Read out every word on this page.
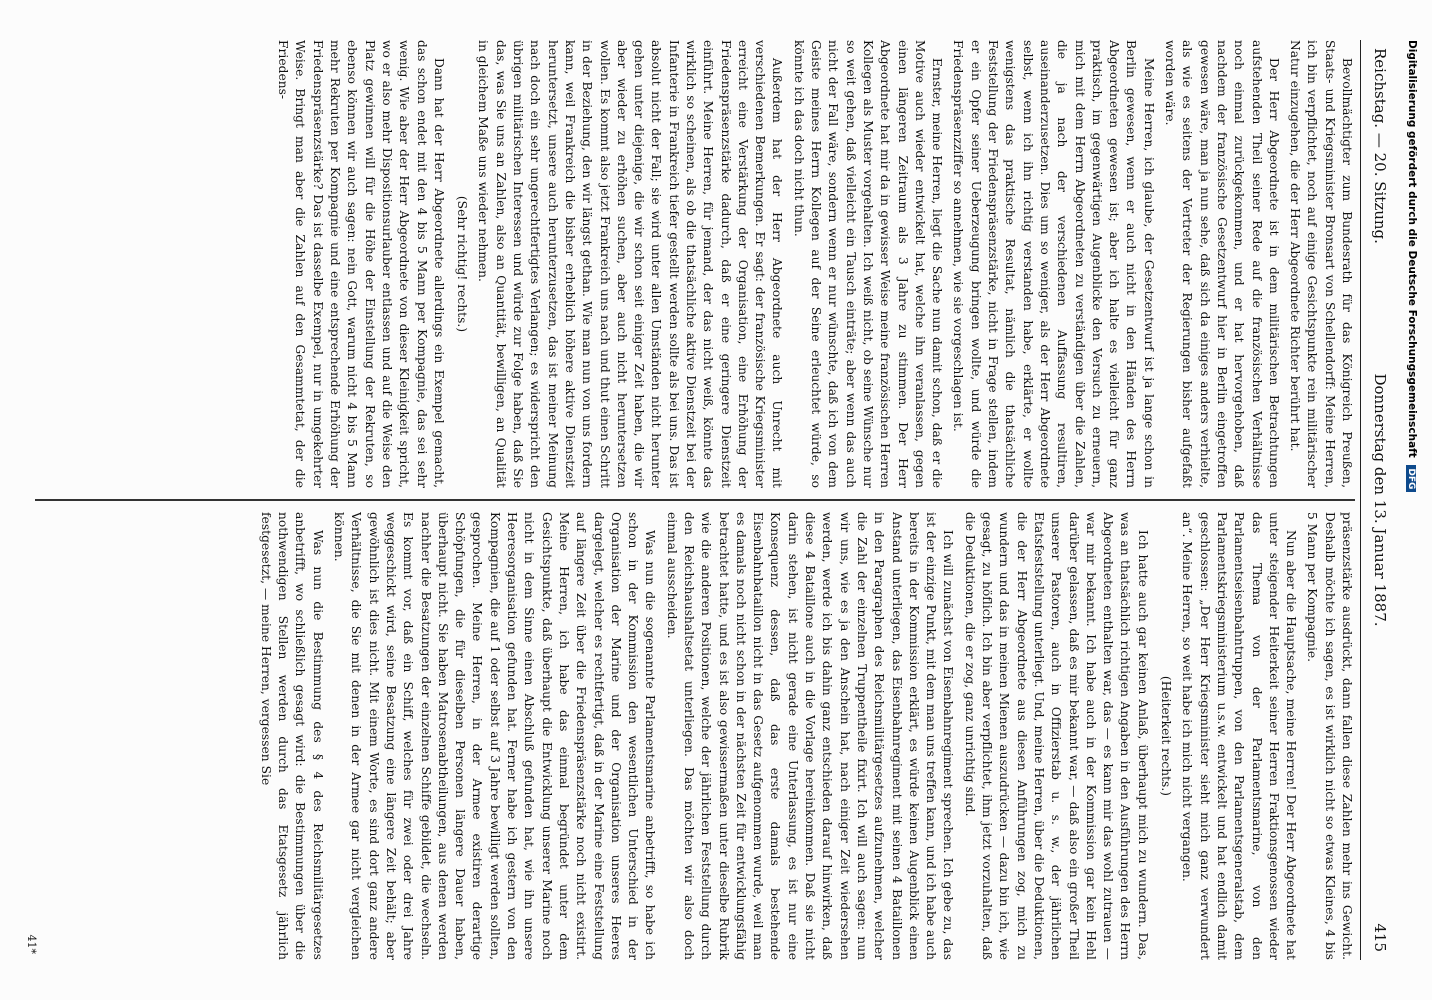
Reichstag. — 20. Sitzung.
Donnerstag den 13. Januar 1887.
415

Bevollmächtigter zum Bundesrath für das Königreich Preußen, Staats- und Kriegsminister Bronsart von Schellendorff: Meine Herren, ich bin verpflichtet, noch auf einige Gesichtspunkte rein militärischer Natur einzugehen, die der Herr Abgeordnete Richter berührt hat.

Der Herr Abgeordnete ist in dem militärischen Betrachtungen aufstehenden Theil seiner Rede auf die französischen Verhältnisse noch einmal zurückgekommen, und er hat hervorgehoben, daß nachdem der französische Gesetzentwurf hier in Berlin eingetroffen gewesen wäre, man ja nun sehe, daß sich da einiges anders verhielte, als wie es seitens der Vertreter der Regierungen bisher aufgefaßt worden wäre.

Meine Herren, ich glaube, der Gesetzentwurf ist ja lange schon in Berlin gewesen, wenn er auch nicht in den Händen des Herrn Abgeordneten gewesen ist; aber ich halte es vielleicht für ganz praktisch, im gegenwärtigen Augenblicke den Versuch zu erneuern, mich mit dem Herrn Abgeordneten zu verständigen über die Zahlen, die ja nach der verschiedenen Auffassung resultiren, auseinanderzusetzen. Dies um so weniger, als der Herr Abgeordnete selbst, wenn ich ihn richtig verstanden habe, erklärte, er wollte wenigstens das praktische Resultat, nämlich die thatsächliche Feststellung der Friedenspräsenzstärke, nicht in Frage stellen, indem er ein Opfer seiner Ueberzeugung bringen wollte, und würde die Friedenspräsenzziffer so annehmen, wie sie vorgeschlagen ist.

Ernster, meine Herren, liegt die Sache nun damit schon, daß er die Motive auch wieder entwickelt hat, welche ihn veranlassen, gegen einen längeren Zeitraum als 3 Jahre zu stimmen. Der Herr Abgeordnete hat mir da in gewisser Weise meine französischen Herren Kollegen als Muster vorgehalten. Ich weiß nicht, ob seine Wünsche nur so weit gehen, daß vielleicht ein Tausch einträte; aber wenn das auch nicht der Fall wäre, sondern wenn er nur wünschte, daß ich von dem Geiste meines Herrn Kollegen auf der Seine erleuchtet würde, so könnte ich das doch nicht thun.

Außerdem hat der Herr Abgeordnete auch Unrecht mit verschiedenen Bemerkungen. Er sagt: der französische Kriegsminister erreicht eine Verstärkung der Organisation, eine Erhöhung der Friedenspräsenzstärke dadurch, daß er eine geringere Dienstzeit einführt. Meine Herren, für jemand, der das nicht weiß, könnte das wirklich so scheinen, als ob die thatsächliche aktive Dienstzeit bei der Infanterie in Frankreich tiefer gestellt werden sollte als bei uns. Das ist absolut nicht der Fall; sie wird unter allen Umständen nicht herunter gehen unter diejenige, die wir schon seit einiger Zeit haben, die wir aber wieder zu erhöhen suchen, aber auch nicht heruntersetzen wollen. Es kommt also jetzt Frankreich uns nach und thut einen Schritt in der Beziehung, den wir längst gethan. Wie man nun von uns fordern kann, weil Frankreich die bisher erheblich höhere aktive Dienstzeit heruntersetzt, unsere auch herunterzusetzen, das ist meiner Meinung nach doch ein sehr ungerechtfertigtes Verlangen; es widerspricht den übrigen militärischen Interessen und würde zur Folge haben, daß Sie das, was Sie uns an Zahlen, also an Quantität, bewilligen, an Qualität in gleichem Maße uns wieder nehmen.

(Sehr richtig! rechts.)

Dann hat der Herr Abgeordnete allerdings ein Exempel gemacht, das schon endet mit den 4 bis 5 Mann per Kompagnie, das sei sehr wenig. Wie aber der Herr Abgeordnete von dieser Kleinigkeit spricht, wo er also mehr Dispositionsurlauber entlassen und auf die Weise den Platz gewinnen will für die Höhe der Einstellung der Rekruten, so ebenso können wir auch sagen: nein Gott, warum nicht 4 bis 5 Mann mehr Rekruten per Kompagnie und eine entsprechende Erhöhung der Friedenspräsenzstärke? Das ist dasselbe Exempel, nur in umgekehrter Weise. Bringt man aber die Zahlen auf den Gesammtetat, der die Friedens-

präsenzstärke ausdrückt, dann fallen diese Zahlen mehr ins Gewicht. Deshalb möchte ich sagen, es ist wirklich nicht so etwas Kleines, 4 bis 5 Mann per Kompagnie.

Nun aber die Hauptsache, meine Herren! Der Herr Abgeordnete hat unter steigender Heiterkeit seiner Herren Fraktionsgenossen wieder das Thema von der Parlamentsmarine, von den Parlamentseisenbahntruppen, von den Parlamentsgeneralstab, dem Parlamentskriegsministerium u.s.w. entwickelt und hat endlich damit geschlossen: „Der Herr Kriegsminister sieht mich ganz verwundert an“. Meine Herren, so weit habe ich mich nicht vergangen.

(Heiterkeit rechts.)

Ich hatte auch gar keinen Anlaß, überhaupt mich zu wundern. Das, was an thatsächlich richtigen Angaben in den Ausführungen des Herrn Abgeordneten enthalten war, das — es kann mir das wohl zutrauen — war mir bekannt. Ich habe auch in der Kommission gar kein Hehl darüber gelassen, daß es mir bekannt war, — daß also ein großer Theil unserer Pastoren, auch in Offizierstab u. s. w., der jährlichen Etatsfeststellung unterliegt. Und, meine Herren, über die Deduktionen, die der Herr Abgeordnete aus diesen Anführungen zog, mich zu wundern und das in meinen Mienen auszudrücken — dazu bin ich, wie gesagt, zu höflich. Ich bin aber verpflichtet, ihm jetzt vorzuhalten, daß die Deduktionen, die er zog, ganz unrichtig sind.

Ich will zunächst von Eisenbahnregiment sprechen. Ich gebe zu, das ist der einzige Punkt, mit dem man uns treffen kann, und ich habe auch bereits in der Kommission erklärt, es würde keinen Augenblick einen Anstand unterliegen, das Eisenbahnregiment mit seinen 4 Bataillonen in den Paragraphen des Reichsmilitärgesetzes aufzunehmen, welcher die Zahl der einzelnen Truppentheile fixirt. Ich will auch sagen: nun wir uns, wie es ja den Anschein hat, nach einiger Zeit wiedersehen werden, werde ich bis dahin ganz entschieden darauf hinwirken, daß diese 4 Bataillone auch in die Vorlage hereinkommen. Daß sie nicht darin stehen, ist nicht gerade eine Unterlassung, es ist nur eine Konsequenz dessen, daß das erste damals bestehende Eisenbahnbataillon nicht in das Gesetz aufgenommen wurde, weil man es damals noch nicht schon in der nächsten Zeit für entwicklungsfähig betrachtet hatte, und es ist also gewissermaßen unter dieselbe Rubrik wie die anderen Positionen, welche der jährlichen Feststellung durch den Reichshaushaltsetat unterliegen. Das möchten wir also doch einmal ausscheiden.

Was nun die sogenannte Parlamentsmarine anbetrifft, so habe ich schon in der Kommission den wesentlichen Unterschied in der Organisation der Marine und der Organisation unseres Heeres dargelegt, welcher es rechtfertigt, daß in der Marine eine Feststellung auf längere Zeit über die Friedenspräsenzstärke noch nicht existirt. Meine Herren, ich habe das einmal begründet unter dem Gesichtspunkte, daß überhaupt die Entwicklung unserer Marine noch nicht in dem Sinne einen Abschluß gefunden hat, wie ihn unsere Heeresorganisation gefunden hat. Ferner habe ich gestern von den Kompagnien, die auf 1 oder selbst auf 3 Jahre bewilligt werden sollten, gesprochen. Meine Herren, in der Armee existiren derartige Schöpfungen, die für dieselben Personen längere Dauer haben, überhaupt nicht. Sie haben Matrosenabtheilungen, aus denen werden nachher die Besatzungen der einzelnen Schiffe gebildet, die wechseln. Es kommt vor, daß ein Schiff, welches für zwei oder drei Jahre weggeschickt wird, seine Besatzung eine längere Zeit behält; aber gewöhnlich ist dies nicht. Mit einem Worte, es sind dort ganz andere Verhältnisse, die Sie mit denen in der Armee gar nicht vergleichen können.

Was nun die Bestimmung des § 4 des Reichsmilitärgesetzes anbetrifft, wo schließlich gesagt wird: die Bestimmungen über die nothwendigen Stellen werden durch das Etatsgesetz jährlich festgesetzt, — meine Herren, vergessen Sie

41*
Digitalisierung gefördert durch die Deutsche Forschungsgemeinschaft DFG
